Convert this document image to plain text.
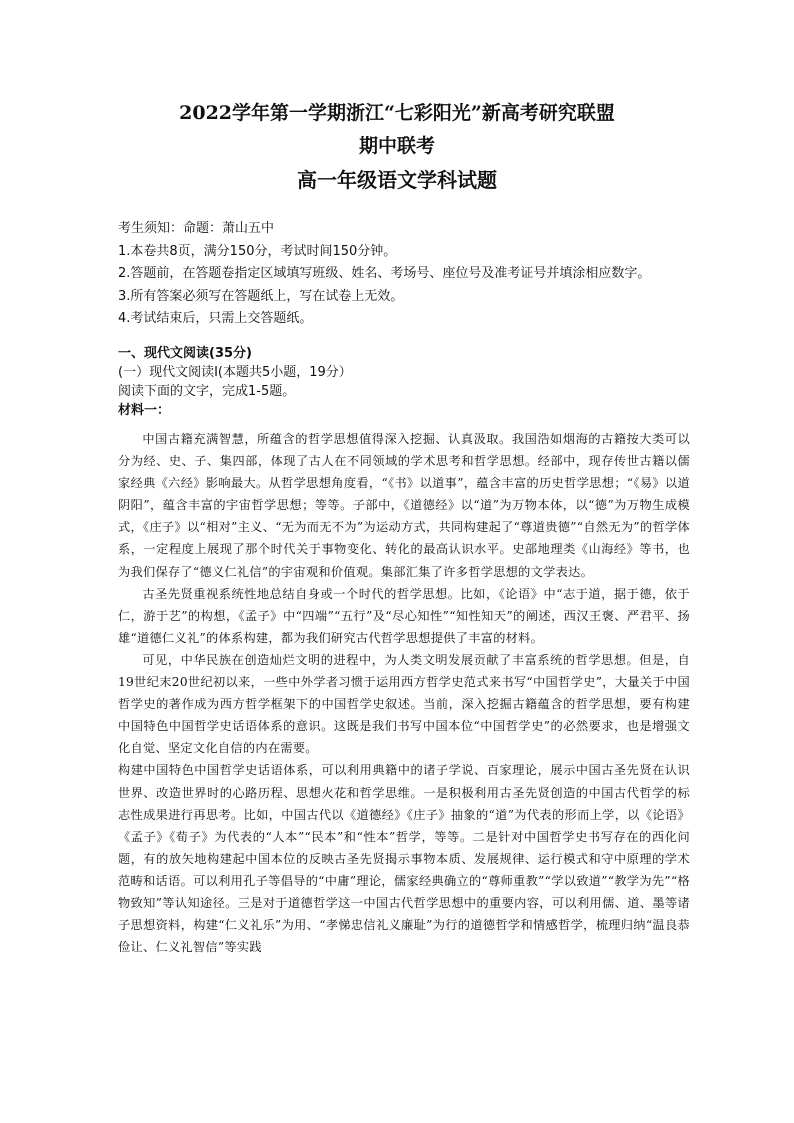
2022学年第一学期浙江“七彩阳光”新高考研究联盟
期中联考
高一年级语文学科试题
考生须知：命题：萧山五中
1.本卷共8页，满分150分，考试时间150分钟。
2.答题前，在答题卷指定区域填写班级、姓名、考场号、座位号及准考证号并填涂相应数字。
3.所有答案必须写在答题纸上，写在试卷上无效。
4.考试结束后，只需上交答题纸。
一、现代文阅读(35分)
(一）现代文阅读Ⅰ(本题共5小题，19分）
阅读下面的文字，完成1-5题。
材料一：

中国古籍充满智慧，所蕴含的哲学思想值得深入挖掘、认真汲取。我国浩如烟海的古籍按大类可以分为经、史、子、集四部，体现了古人在不同领域的学术思考和哲学思想。经部中，现存传世古籍以儒家经典《六经》影响最大。从哲学思想角度看，“《书》以道事”，蕴含丰富的历史哲学思想；“《易》以道阴阳”，蕴含丰富的宇宙哲学思想；等等。子部中，《道德经》以“道”为万物本体，以“德”为万物生成模式，《庄子》以“相对”主义、“无为而无不为”为运动方式，共同构建起了“尊道贵德”“自然无为”的哲学体系，一定程度上展现了那个时代关于事物变化、转化的最高认识水平。史部地理类《山海经》等书，也为我们保存了“德义仁礼信”的宇宙观和价值观。集部汇集了许多哲学思想的文学表达。

古圣先贤重视系统性地总结自身或一个时代的哲学思想。比如，《论语》中“志于道，据于德，依于仁，游于艺”的构想，《孟子》中“四端”“五行”及“尽心知性”“知性知天”的阐述，西汉王褒、严君平、扬雄“道德仁义礼”的体系构建，都为我们研究古代哲学思想提供了丰富的材料。

可见，中华民族在创造灿烂文明的进程中，为人类文明发展贡献了丰富系统的哲学思想。但是，自19世纪末20世纪初以来，一些中外学者习惯于运用西方哲学史范式来书写“中国哲学史”，大量关于中国哲学史的著作成为西方哲学框架下的中国哲学史叙述。当前，深入挖掘古籍蕴含的哲学思想，要有构建中国特色中国哲学史话语体系的意识。这既是我们书写中国本位“中国哲学史”的必然要求，也是增强文化自觉、坚定文化自信的内在需要。

构建中国特色中国哲学史话语体系，可以利用典籍中的诸子学说、百家理论，展示中国古圣先贤在认识世界、改造世界时的心路历程、思想火花和哲学思维。一是积极利用古圣先贤创造的中国古代哲学的标志性成果进行再思考。比如，中国古代以《道德经》《庄子》抽象的“道”为代表的形而上学，以《论语》《孟子》《荀子》为代表的“人本”“民本”和“性本”哲学，等等。二是针对中国哲学史书写存在的西化问题，有的放矢地构建起中国本位的反映古圣先贤揭示事物本质、发展规律、运行模式和守中原理的学术范畴和话语。可以利用孔子等倡导的“中庸”理论，儒家经典确立的“尊师重教”“学以致道”“教学为先”“格物致知”等认知途径。三是对于道德哲学这一中国古代哲学思想中的重要内容，可以利用儒、道、墨等诸子思想资料，构建“仁义礼乐”为用、“孝悌忠信礼义廉耻”为行的道德哲学和情感哲学，梳理归纳“温良恭俭让、仁义礼智信”等实践
